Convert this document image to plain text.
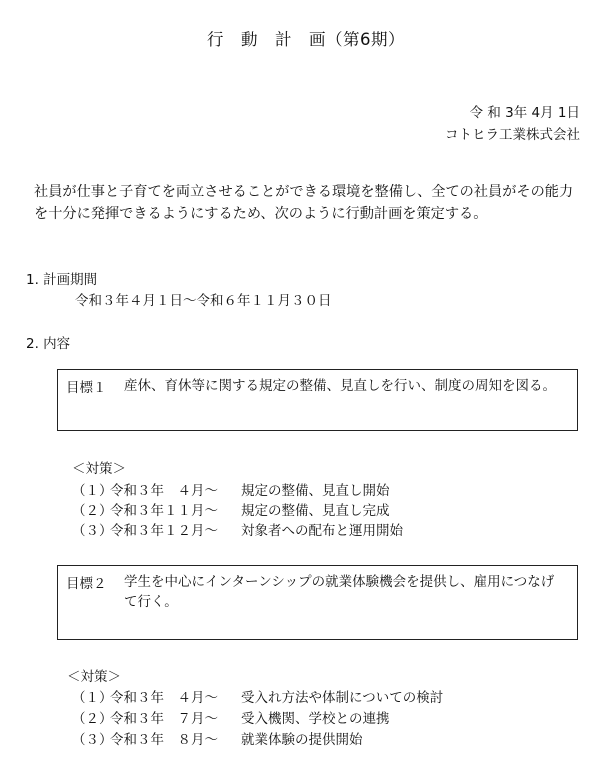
行　動　計　画（第6期）
令 和 3年 4月 1日
コトヒラ工業株式会社
社員が仕事と子育てを両立させることができる環境を整備し、全ての社員がその能力を十分に発揮できるようにするため、次のように行動計画を策定する。
1. 計画期間
令和３年４月１日～令和６年１１月３０日
2. 内容
目標１ 産休、育休等に関する規定の整備、見直しを行い、制度の周知を図る。
＜対策＞
（１）令和３年　４月～ 規定の整備、見直し開始
（２）令和３年１１月～ 規定の整備、見直し完成
（３）令和３年１２月～ 対象者への配布と運用開始
目標２ 学生を中心にインターンシップの就業体験機会を提供し、雇用につなげて行く。
＜対策＞
（１）令和３年　４月～ 受入れ方法や体制についての検討
（２）令和３年　７月～ 受入機関、学校との連携
（３）令和３年　８月～ 就業体験の提供開始
